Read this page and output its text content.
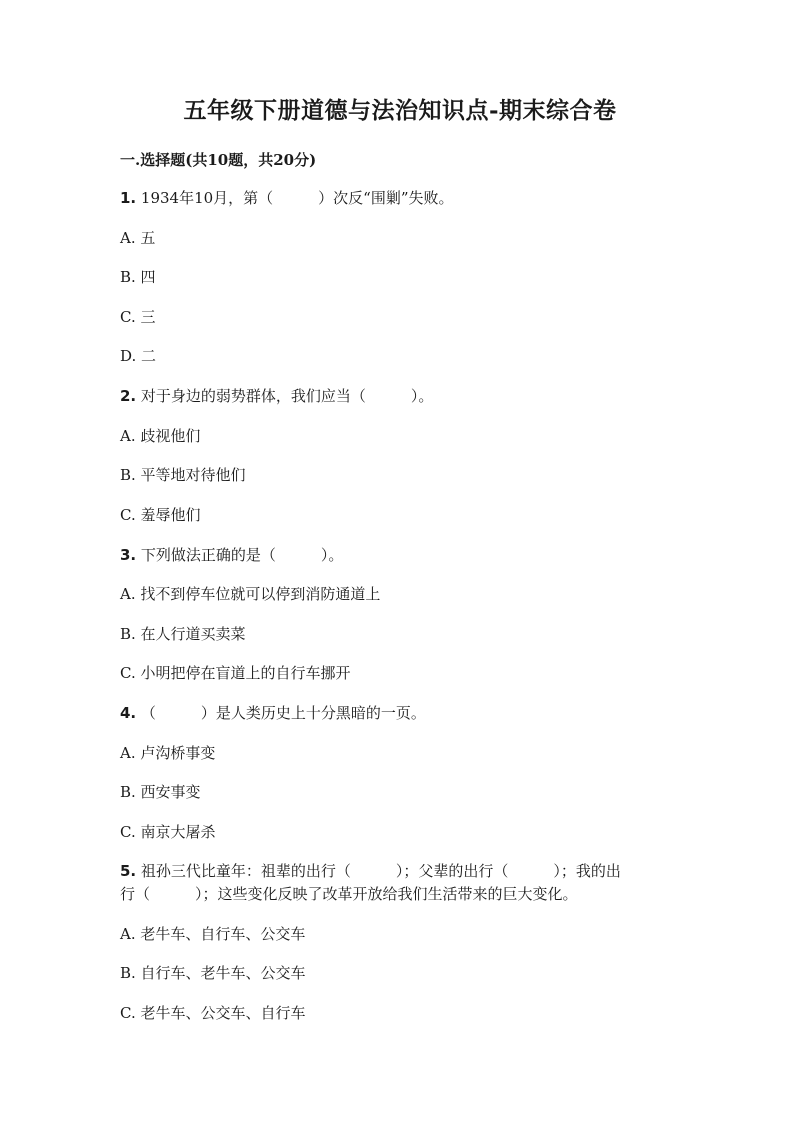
五年级下册道德与法治知识点-期末综合卷
一.选择题(共10题，共20分)
1. 1934年10月，第（　　　）次反“围剿”失败。
A. 五
B. 四
C. 三
D. 二
2. 对于身边的弱势群体，我们应当（　　　）。
A. 歧视他们
B. 平等地对待他们
C. 羞辱他们
3. 下列做法正确的是（　　　）。
A. 找不到停车位就可以停到消防通道上
B. 在人行道买卖菜
C. 小明把停在盲道上的自行车挪开
4. （　　　）是人类历史上十分黑暗的一页。
A. 卢沟桥事变
B. 西安事变
C. 南京大屠杀
5. 祖孙三代比童年：祖辈的出行（　　　）；父辈的出行（　　　）；我的出
行（　　　）；这些变化反映了改革开放给我们生活带来的巨大变化。
A. 老牛车、自行车、公交车
B. 自行车、老牛车、公交车
C. 老牛车、公交车、自行车
